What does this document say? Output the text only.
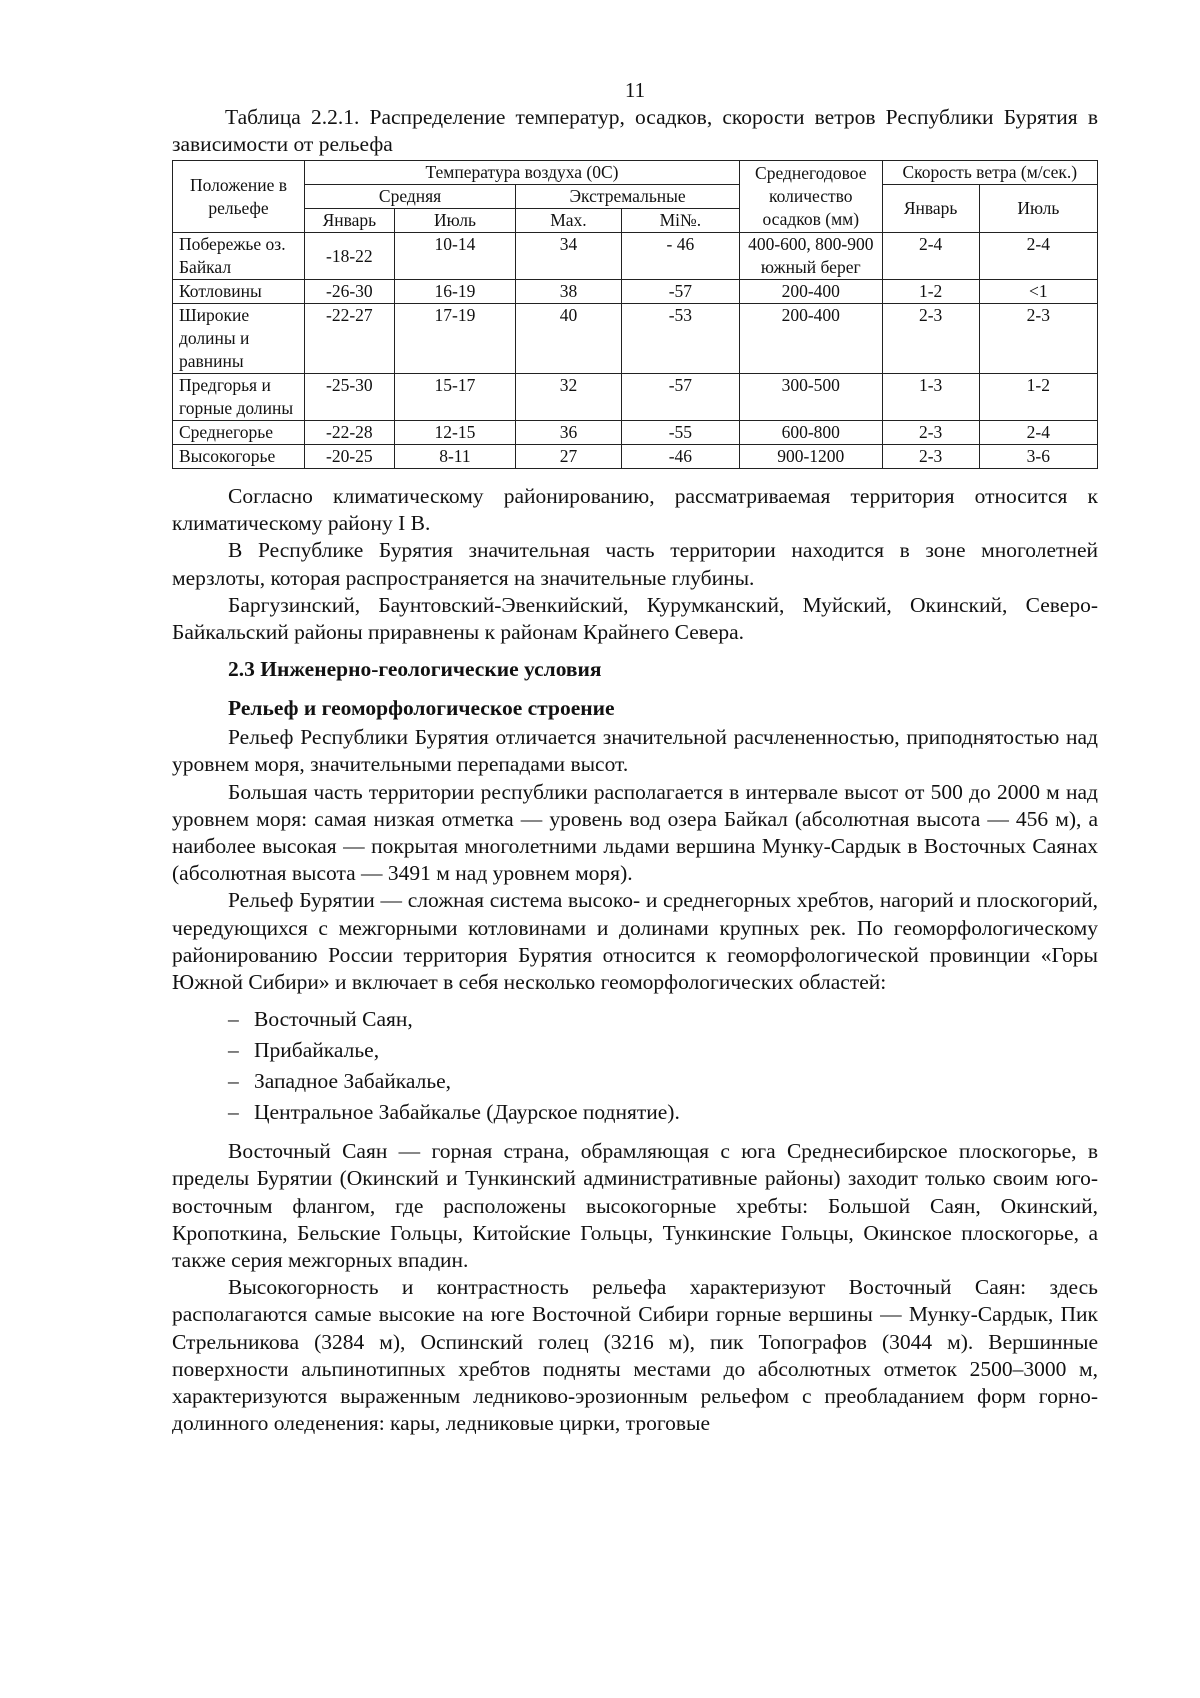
11

Таблица 2.2.1. Распределение температур, осадков, скорости ветров Республики Бурятия в зависимости от рельефа

Положение в рельефе	Температура воздуха (0С)				Среднегодовое количество осадков (мм)	Скорость ветра (м/сек.)	
	Средняя		Экстремальные			Январь	Июль
	Январь	Июль	Max.	Mi№.			
Побережье оз. Байкал	-18-22	10-14	34	- 46	400-600, 800-900 южный берег	2-4	2-4
Котловины	-26-30	16-19	38	-57	200-400	1-2	<1
Широкие долины и равнины	-22-27	17-19	40	-53	200-400	2-3	2-3
Предгорья и горные долины	-25-30	15-17	32	-57	300-500	1-3	1-2
Среднегорье	-22-28	12-15	36	-55	600-800	2-3	2-4
Высокогорье	-20-25	8-11	27	-46	900-1200	2-3	3-6

Согласно климатическому районированию, рассматриваемая территория относится к климатическому району I В.

В Республике Бурятия значительная часть территории находится в зоне многолетней мерзлоты, которая распространяется на значительные глубины.

Баргузинский, Баунтовский-Эвенкийский, Курумканский, Муйский, Окинский, Северо-Байкальский районы приравнены к районам Крайнего Севера.

2.3 Инженерно-геологические условия

Рельеф и геоморфологическое строение

Рельеф Республики Бурятия отличается значительной расчлененностью, приподнятостью над уровнем моря, значительными перепадами высот.

Большая часть территории республики располагается в интервале высот от 500 до 2000 м над уровнем моря: самая низкая отметка — уровень вод озера Байкал (абсолютная высота — 456 м), а наиболее высокая — покрытая многолетними льдами вершина Мунку-Сардык в Восточных Саянах (абсолютная высота — 3491 м над уровнем моря).

Рельеф Бурятии — сложная система высоко- и среднегорных хребтов, нагорий и плоскогорий, чередующихся с межгорными котловинами и долинами крупных рек. По геоморфологическому районированию России территория Бурятия относится к геоморфологической провинции «Горы Южной Сибири» и включает в себя несколько геоморфологических областей:

– Восточный Саян,
– Прибайкалье,
– Западное Забайкалье,
– Центральное Забайкалье (Даурское поднятие).

Восточный Саян — горная страна, обрамляющая с юга Среднесибирское плоскогорье, в пределы Бурятии (Окинский и Тункинский административные районы) заходит только своим юго-восточным флангом, где расположены высокогорные хребты: Большой Саян, Окинский, Кропоткина, Бельские Гольцы, Китойские Гольцы, Тункинские Гольцы, Окинское плоскогорье, а также серия межгорных впадин.

Высокогорность и контрастность рельефа характеризуют Восточный Саян: здесь располагаются самые высокие на юге Восточной Сибири горные вершины — Мунку-Сардык, Пик Стрельникова (3284 м), Оспинский голец (3216 м), пик Топографов (3044 м). Вершинные поверхности альпинотипных хребтов подняты местами до абсолютных отметок 2500–3000 м, характеризуются выраженным ледниково-эрозионным рельефом с преобладанием форм горно-долинного оледенения: кары, ледниковые цирки, троговые
